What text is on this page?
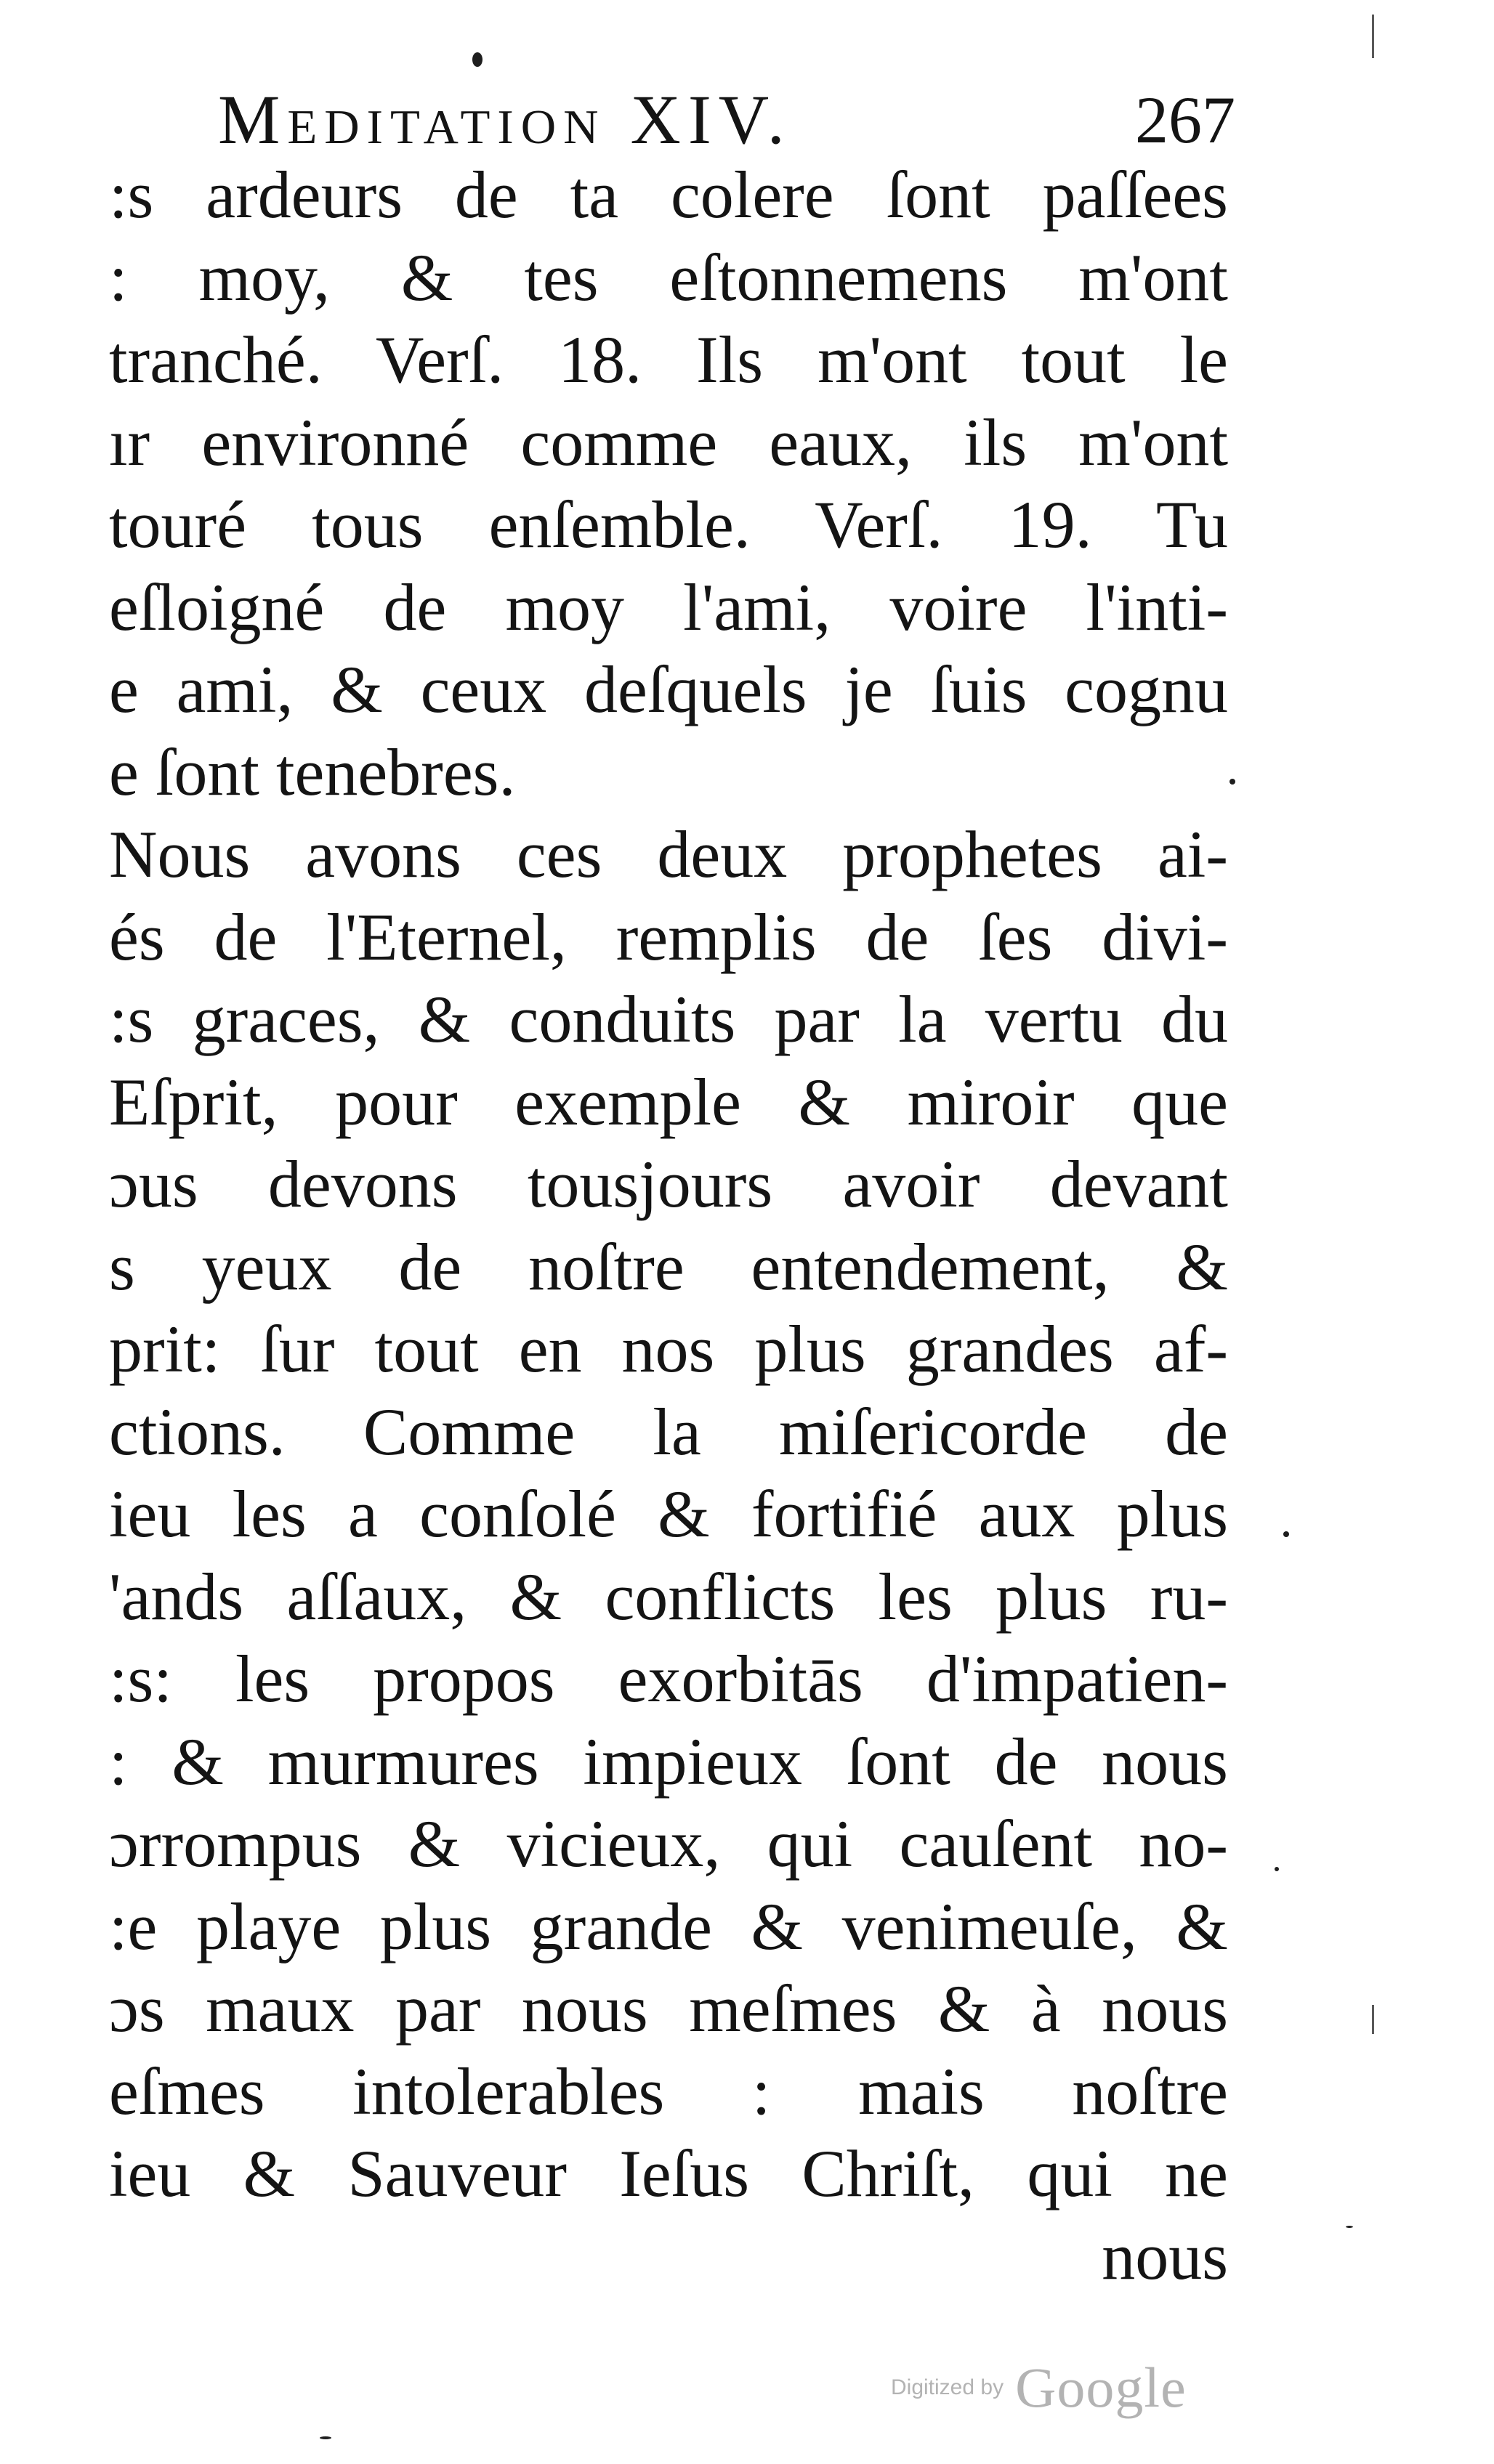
Meditation XIV.	267
:s ardeurs de ta colere ſont paſſees
: moy, & tes eſtonnemens m'ont
tranché. Verſ. 18. Ils m'ont tout le
ır environné comme eaux, ils m'ont
touré tous enſemble. Verſ. 19. Tu
eſloigné de moy l'ami, voire l'inti-
e ami, & ceux deſquels je ſuis cognu
e ſont tenebres.
Nous avons ces deux prophetes ai-
és de l'Eternel, remplis de ſes divi-
:s graces, & conduits par la vertu du
Eſprit, pour exemple & miroir que
ɔus devons tousjours avoir devant
s yeux de noſtre entendement, &
prit: ſur tout en nos plus grandes af-
ctions. Comme la miſericorde de
ieu les a conſolé & fortifié aux plus
'ands aſſaux, & conflicts les plus ru-
:s: les propos exorbitās d'impatien-
: & murmures impieux ſont de nous
ɔrrompus & vicieux, qui cauſent no-
:e playe plus grande & venimeuſe, &
ɔs maux par nous meſmes & à nous
eſmes intolerables : mais noſtre
ieu & Sauveur Ieſus Chriſt, qui ne
nous
Digitized by Google
